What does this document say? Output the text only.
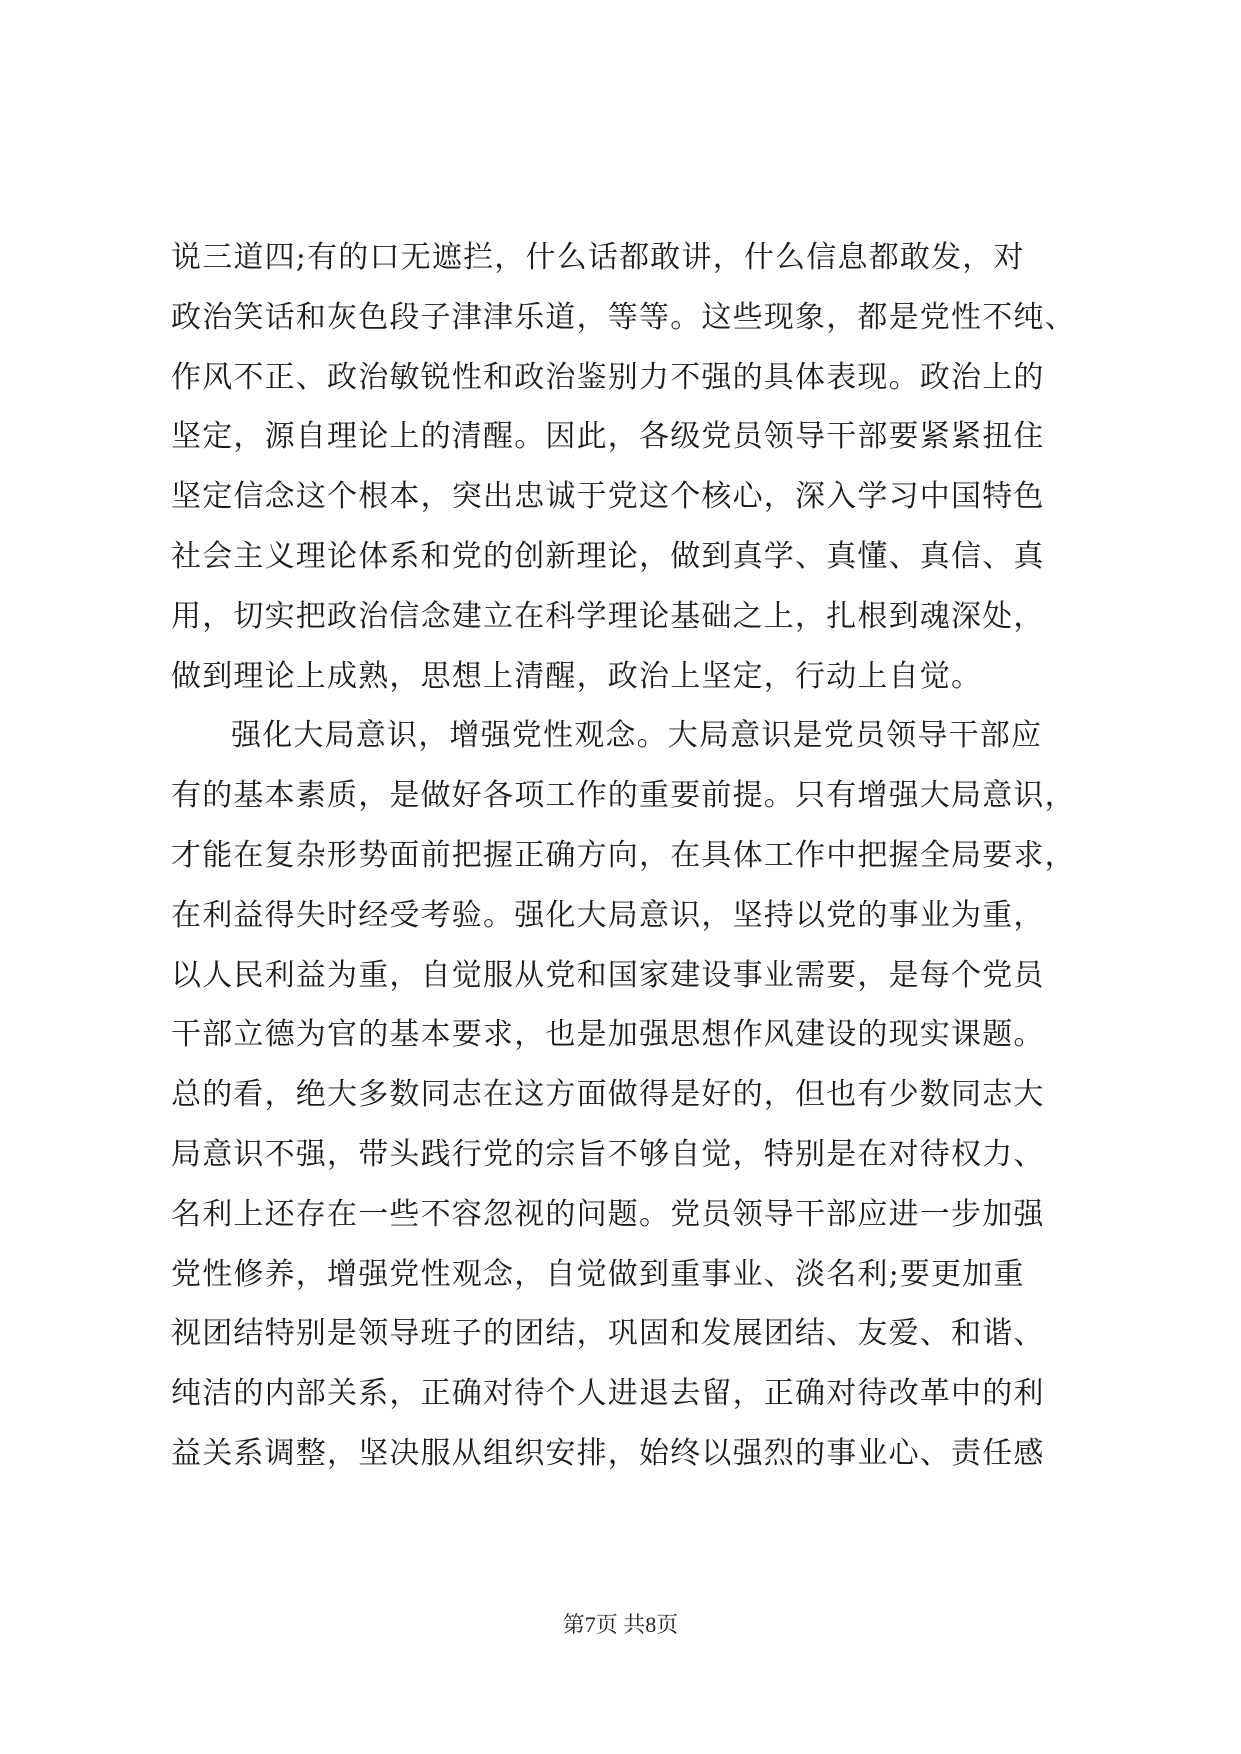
说三道四;有的口无遮拦，什么话都敢讲，什么信息都敢发，对
政治笑话和灰色段子津津乐道，等等。这些现象，都是党性不纯、
作风不正、政治敏锐性和政治鉴别力不强的具体表现。政治上的
坚定，源自理论上的清醒。因此，各级党员领导干部要紧紧扭住
坚定信念这个根本，突出忠诚于党这个核心，深入学习中国特色
社会主义理论体系和党的创新理论，做到真学、真懂、真信、真
用，切实把政治信念建立在科学理论基础之上，扎根到魂深处，
做到理论上成熟，思想上清醒，政治上坚定，行动上自觉。
强化大局意识，增强党性观念。大局意识是党员领导干部应
有的基本素质，是做好各项工作的重要前提。只有增强大局意识，
才能在复杂形势面前把握正确方向，在具体工作中把握全局要求，
在利益得失时经受考验。强化大局意识，坚持以党的事业为重，
以人民利益为重，自觉服从党和国家建设事业需要，是每个党员
干部立德为官的基本要求，也是加强思想作风建设的现实课题。
总的看，绝大多数同志在这方面做得是好的，但也有少数同志大
局意识不强，带头践行党的宗旨不够自觉，特别是在对待权力、
名利上还存在一些不容忽视的问题。党员领导干部应进一步加强
党性修养，增强党性观念，自觉做到重事业、淡名利;要更加重
视团结特别是领导班子的团结，巩固和发展团结、友爱、和谐、
纯洁的内部关系，正确对待个人进退去留，正确对待改革中的利
益关系调整，坚决服从组织安排，始终以强烈的事业心、责任感
第7页 共8页
